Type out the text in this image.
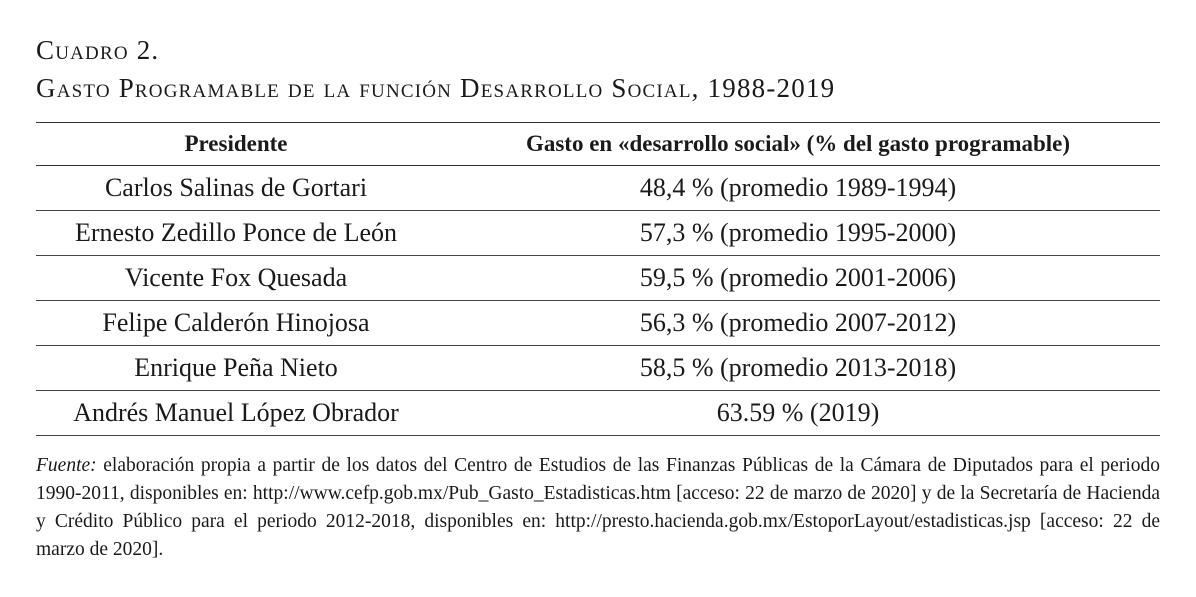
Cuadro 2.
Gasto Programable de la función Desarrollo Social, 1988-2019
Presidente	Gasto en «desarrollo social» (% del gasto programable)
Carlos Salinas de Gortari	48,4 % (promedio 1989-1994)
Ernesto Zedillo Ponce de León	57,3 % (promedio 1995-2000)
Vicente Fox Quesada	59,5 % (promedio 2001-2006)
Felipe Calderón Hinojosa	56,3 % (promedio 2007-2012)
Enrique Peña Nieto	58,5 % (promedio 2013-2018)
Andrés Manuel López Obrador	63.59 % (2019)
Fuente: elaboración propia a partir de los datos del Centro de Estudios de las Finanzas Públicas de la Cámara de Diputados para el periodo 1990-2011, disponibles en: http://www.cefp.gob.mx/Pub_Gasto_Estadisticas.htm [acceso: 22 de marzo de 2020] y de la Secretaría de Hacienda y Crédito Público para el periodo 2012-2018, disponibles en: http://presto.hacienda.gob.mx/EstoporLayout/estadisticas.jsp [acceso: 22 de marzo de 2020].
